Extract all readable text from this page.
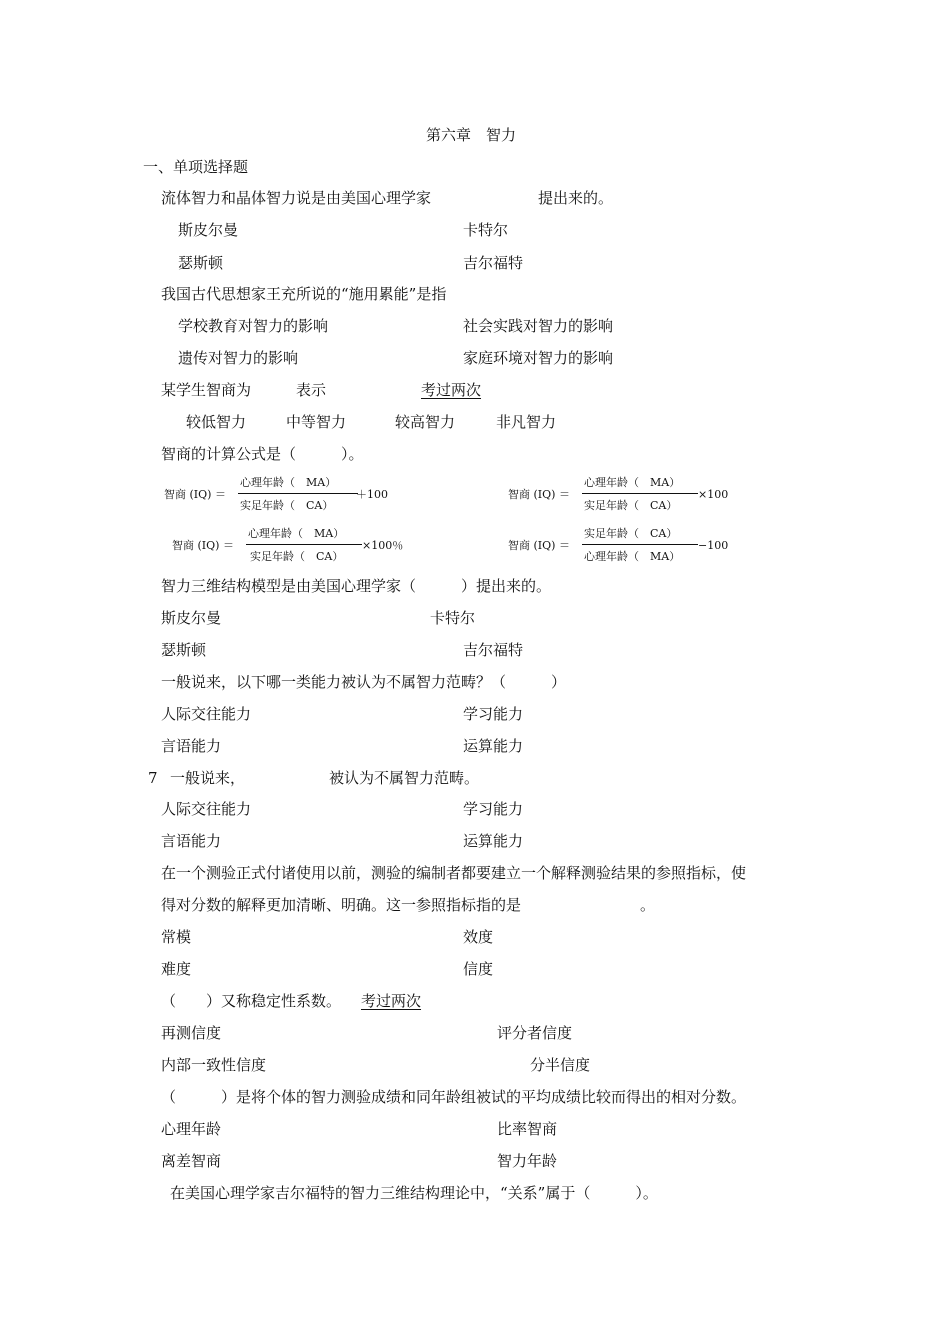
第六章　智力
一、单项选择题
流体智力和晶体智力说是由美国心理学家	提出来的。
斯皮尔曼	卡特尔
瑟斯顿	吉尔福特
我国古代思想家王充所说的“施用累能”是指
学校教育对智力的影响	社会实践对智力的影响
遗传对智力的影响	家庭环境对智力的影响
某学生智商为	表示	考过两次
较低智力	中等智力	较高智力	非凡智力
智商的计算公式是（　　　）。
智商 (IQ) ＝
心理年龄（　MA）
实足年龄（　CA）
＋100	智商 (IQ) ＝
心理年龄（　MA）
实足年龄（　CA）
×100
智商 (IQ) ＝
心理年龄（　MA）
实足年龄（　CA）
×100％	智商 (IQ) ＝
实足年龄（　CA）
心理年龄（　MA）
−100
智力三维结构模型是由美国心理学家（　　　）提出来的。
斯皮尔曼	卡特尔
瑟斯顿	吉尔福特
一般说来，以下哪一类能力被认为不属智力范畴？（　　　）
人际交往能力	学习能力
言语能力	运算能力
7 一般说来，	被认为不属智力范畴。
人际交往能力	学习能力
言语能力	运算能力
在一个测验正式付诸使用以前，测验的编制者都要建立一个解释测验结果的参照指标，使
得对分数的解释更加清晰、明确。这一参照指标指的是	。
常模	效度
难度	信度
（　　）又称稳定性系数。 考过两次
再测信度	评分者信度
内部一致性信度	分半信度
（　　　）是将个体的智力测验成绩和同年龄组被试的平均成绩比较而得出的相对分数。
心理年龄	比率智商
离差智商	智力年龄
在美国心理学家吉尔福特的智力三维结构理论中，“关系”属于（　　　）。
